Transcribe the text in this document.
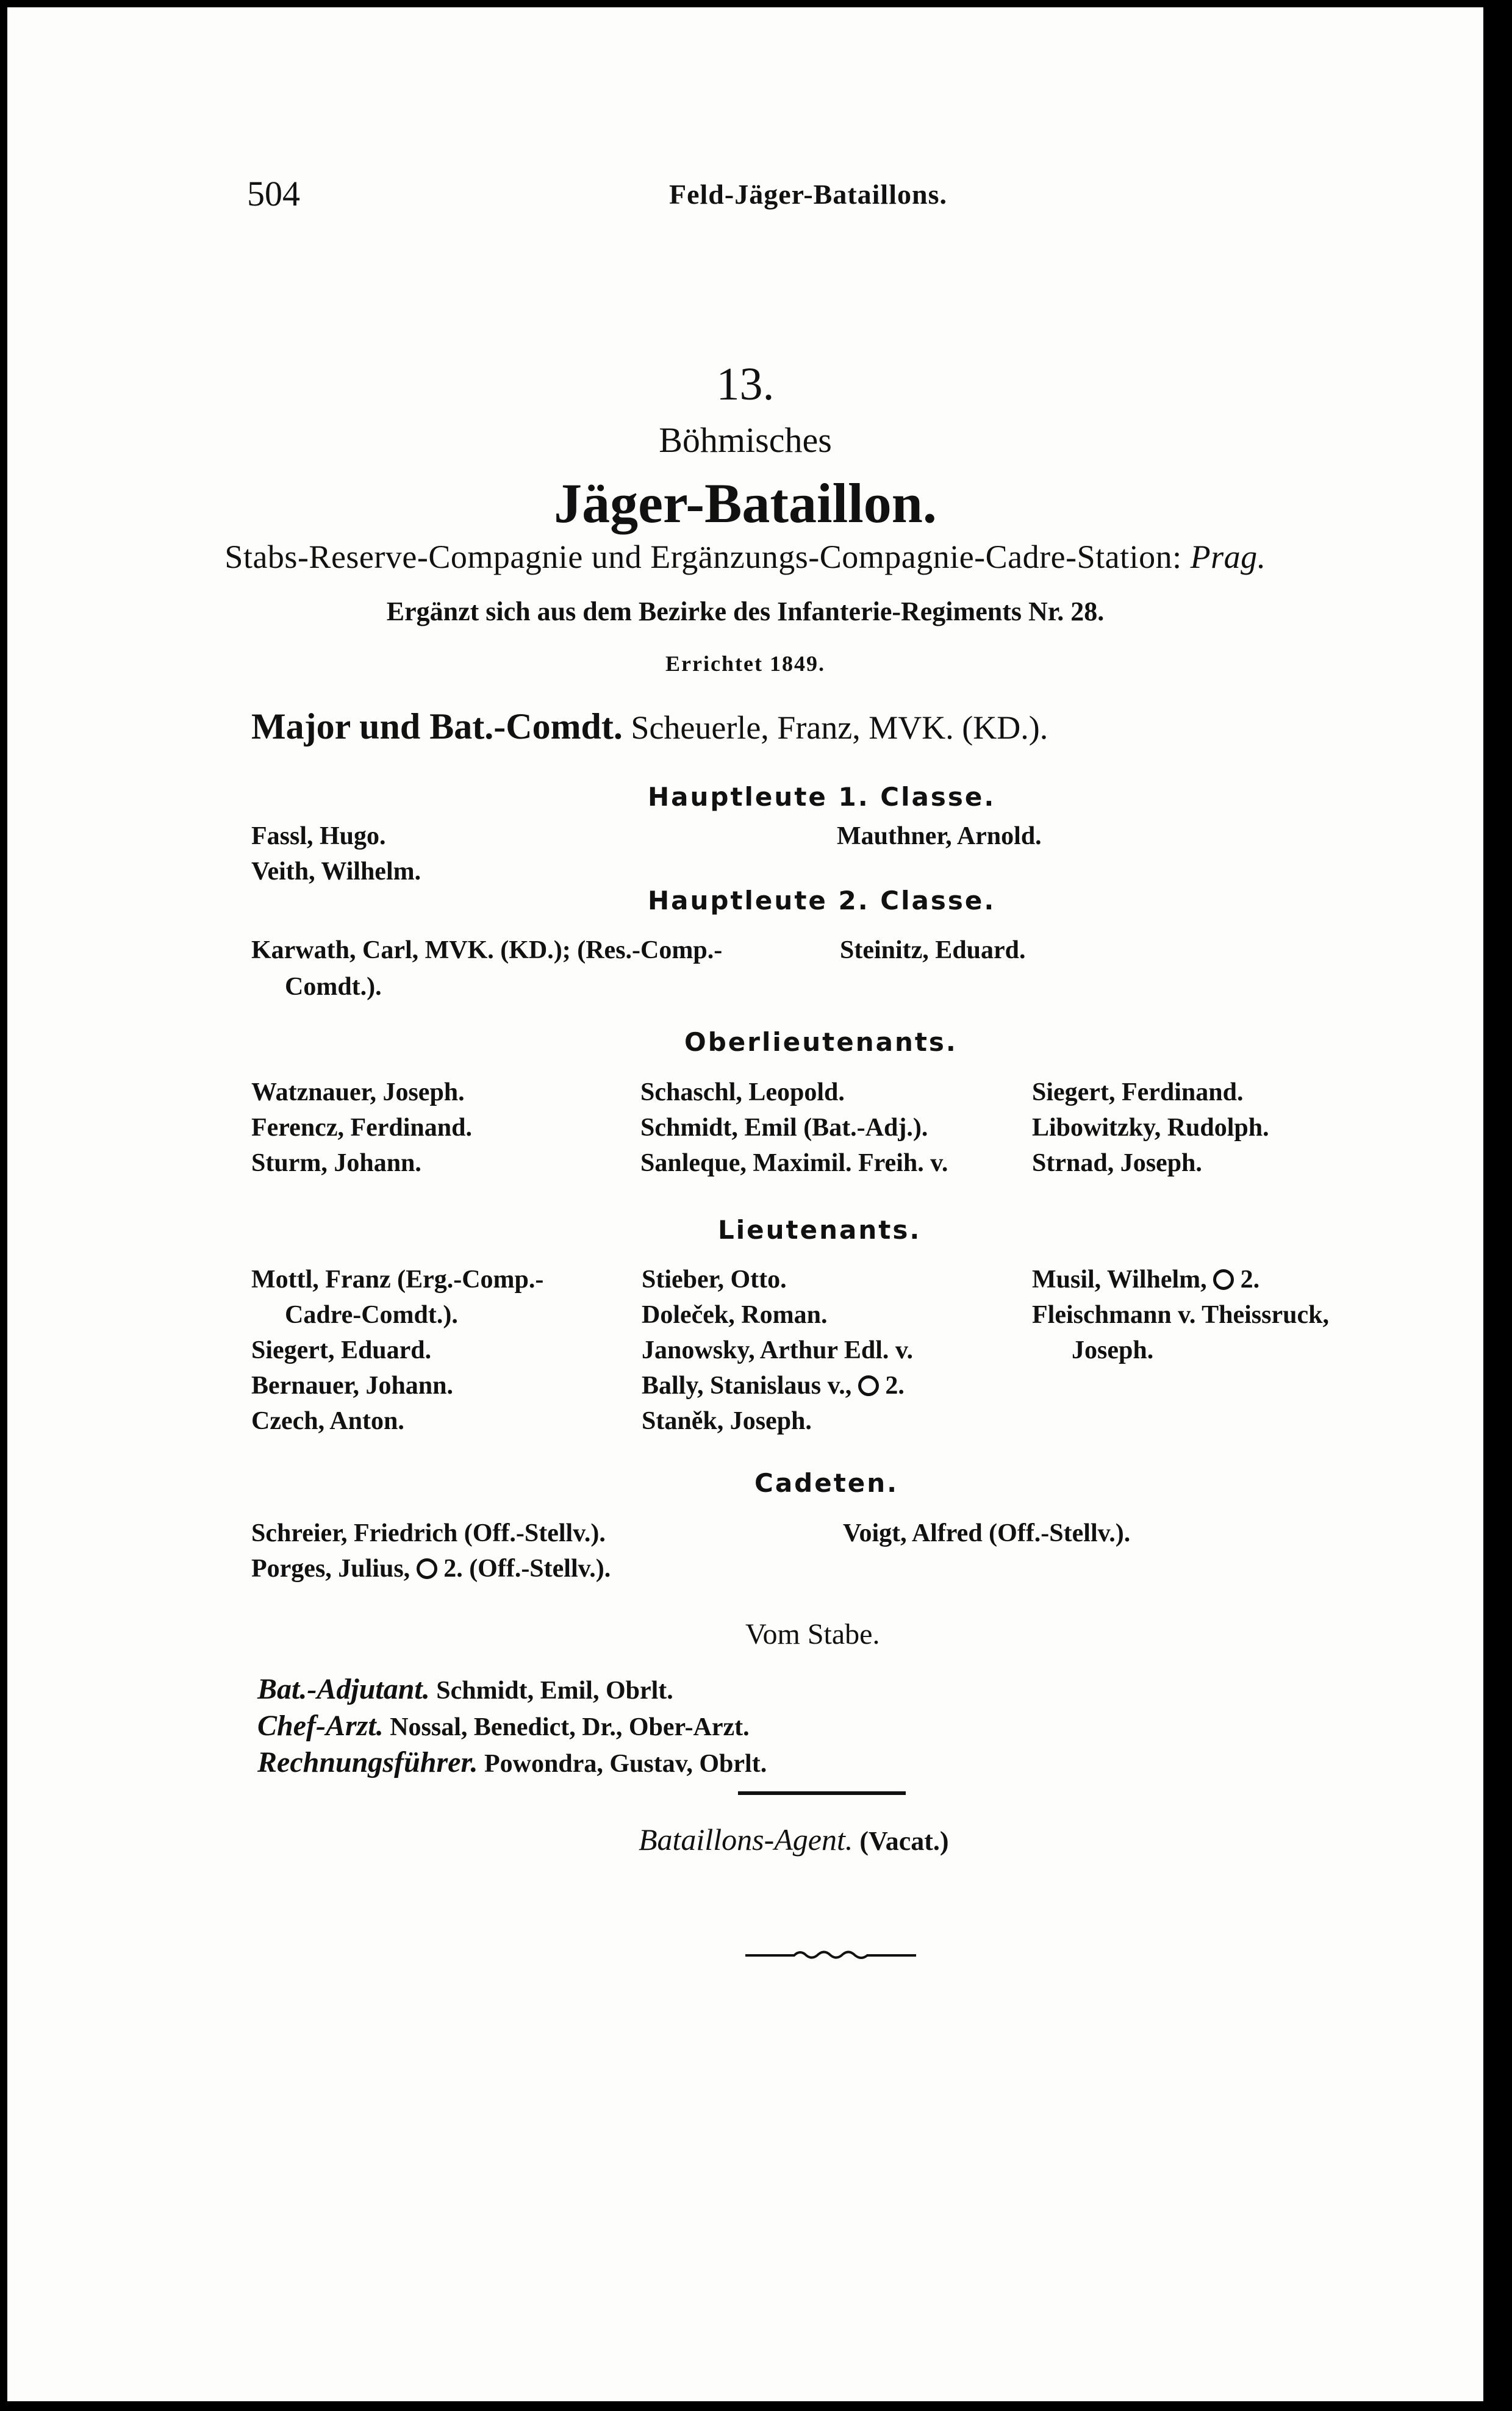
504	Feld-Jäger-Bataillons.
13.
Böhmisches
Jäger-Bataillon.
Stabs-Reserve-Compagnie und Ergänzungs-Compagnie-Cadre-Station: Prag.
Ergänzt sich aus dem Bezirke des Infanterie-Regiments Nr. 28.
Errichtet 1849.
Major und Bat.-Comdt. Scheuerle, Franz, MVK. (KD.).
Hauptleute 1. Classe.
Fassl, Hugo.
Veith, Wilhelm.
Mauthner, Arnold.
Hauptleute 2. Classe.
Karwath, Carl, MVK. (KD.); (Res.-Comp.-
Comdt.).
Steinitz, Eduard.
Oberlieutenants.
Watznauer, Joseph.
Ferencz, Ferdinand.
Sturm, Johann.
Schaschl, Leopold.
Schmidt, Emil (Bat.-Adj.).
Sanleque, Maximil. Freih. v.
Siegert, Ferdinand.
Libowitzky, Rudolph.
Strnad, Joseph.
Lieutenants.
Mottl, Franz (Erg.-Comp.-
Cadre-Comdt.).
Siegert, Eduard.
Bernauer, Johann.
Czech, Anton.
Stieber, Otto.
Doleček, Roman.
Janowsky, Arthur Edl. v.
Bally, Stanislaus v., 2.
Staněk, Joseph.
Musil, Wilhelm, 2.
Fleischmann v. Theissruck,
Joseph.
Cadeten.
Schreier, Friedrich (Off.-Stellv.).
Porges, Julius, 2. (Off.-Stellv.).
Voigt, Alfred (Off.-Stellv.).
Vom Stabe.
Bat.-Adjutant. Schmidt, Emil, Obrlt.
Chef-Arzt. Nossal, Benedict, Dr., Ober-Arzt.
Rechnungsführer. Powondra, Gustav, Obrlt.
Bataillons-Agent. (Vacat.)
